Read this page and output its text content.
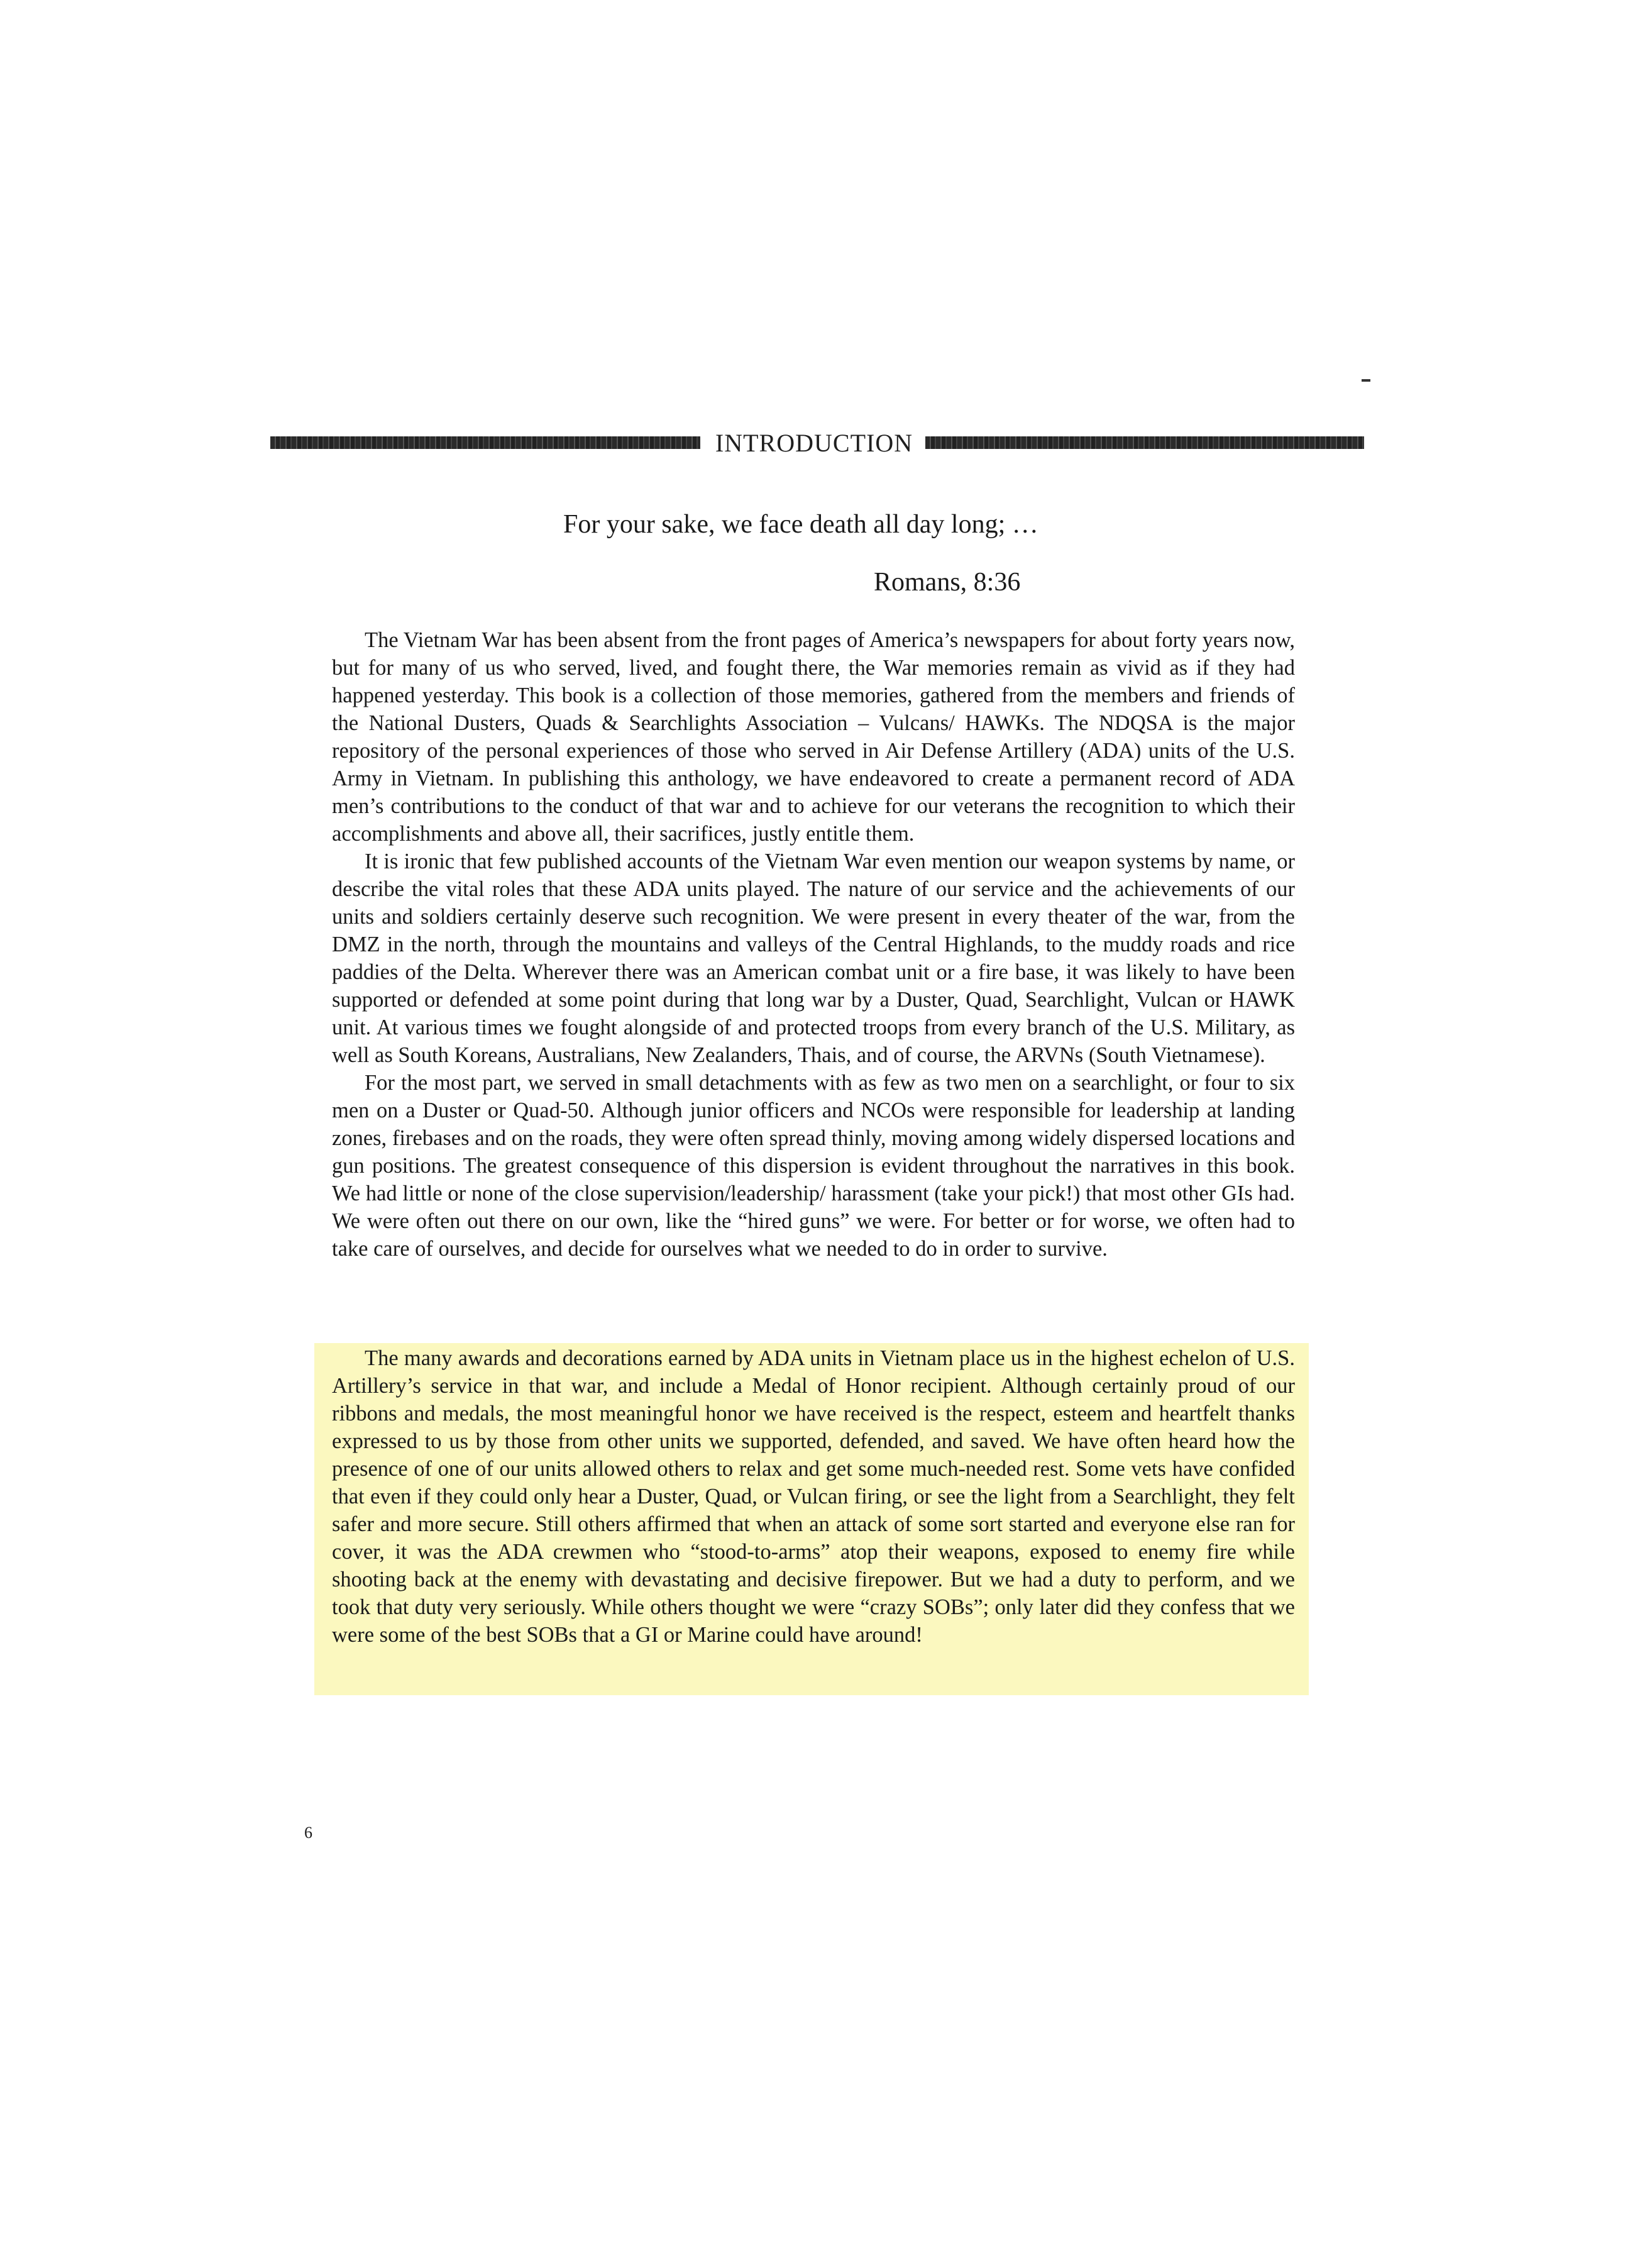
INTRODUCTION
For your sake, we face death all day long; …
Romans, 8:36

The Vietnam War has been absent from the front pages of America’s newspapers for about forty years now, but for many of us who served, lived, and fought there, the War memories remain as vivid as if they had happened yesterday. This book is a collection of those memories, gathered from the members and friends of the National Dusters, Quads & Searchlights Association – Vulcans/ HAWKs. The NDQSA is the major repository of the personal experiences of those who served in Air Defense Artillery (ADA) units of the U.S. Army in Vietnam. In publishing this anthology, we have endeavored to create a permanent record of ADA men’s contributions to the conduct of that war and to achieve for our veterans the recognition to which their accomplishments and above all, their sacrifices, justly entitle them.

It is ironic that few published accounts of the Vietnam War even mention our weapon systems by name, or describe the vital roles that these ADA units played. The nature of our service and the achievements of our units and soldiers certainly deserve such recognition. We were present in every theater of the war, from the DMZ in the north, through the mountains and valleys of the Central Highlands, to the muddy roads and rice paddies of the Delta. Wherever there was an American combat unit or a fire base, it was likely to have been supported or defended at some point during that long war by a Duster, Quad, Searchlight, Vulcan or HAWK unit. At various times we fought alongside of and protected troops from every branch of the U.S. Military, as well as South Koreans, Australians, New Zealanders, Thais, and of course, the ARVNs (South Vietnamese).

For the most part, we served in small detachments with as few as two men on a searchlight, or four to six men on a Duster or Quad-50. Although junior officers and NCOs were responsible for leadership at landing zones, firebases and on the roads, they were often spread thinly, moving among widely dispersed locations and gun positions. The greatest consequence of this dispersion is evident throughout the narratives in this book. We had little or none of the close supervision/leadership/ harassment (take your pick!) that most other GIs had. We were often out there on our own, like the “hired guns” we were. For better or for worse, we often had to take care of ourselves, and decide for ourselves what we needed to do in order to survive.

The many awards and decorations earned by ADA units in Vietnam place us in the highest echelon of U.S. Artillery’s service in that war, and include a Medal of Honor recipient. Although certainly proud of our ribbons and medals, the most meaningful honor we have received is the respect, esteem and heartfelt thanks expressed to us by those from other units we supported, defended, and saved. We have often heard how the presence of one of our units allowed others to relax and get some much-needed rest. Some vets have confided that even if they could only hear a Duster, Quad, or Vulcan firing, or see the light from a Searchlight, they felt safer and more secure. Still others affirmed that when an attack of some sort started and everyone else ran for cover, it was the ADA crewmen who “stood-to-arms” atop their weapons, exposed to enemy fire while shooting back at the enemy with devastating and decisive firepower. But we had a duty to perform, and we took that duty very seriously. While others thought we were “crazy SOBs”; only later did they confess that we were some of the best SOBs that a GI or Marine could have around!

6
